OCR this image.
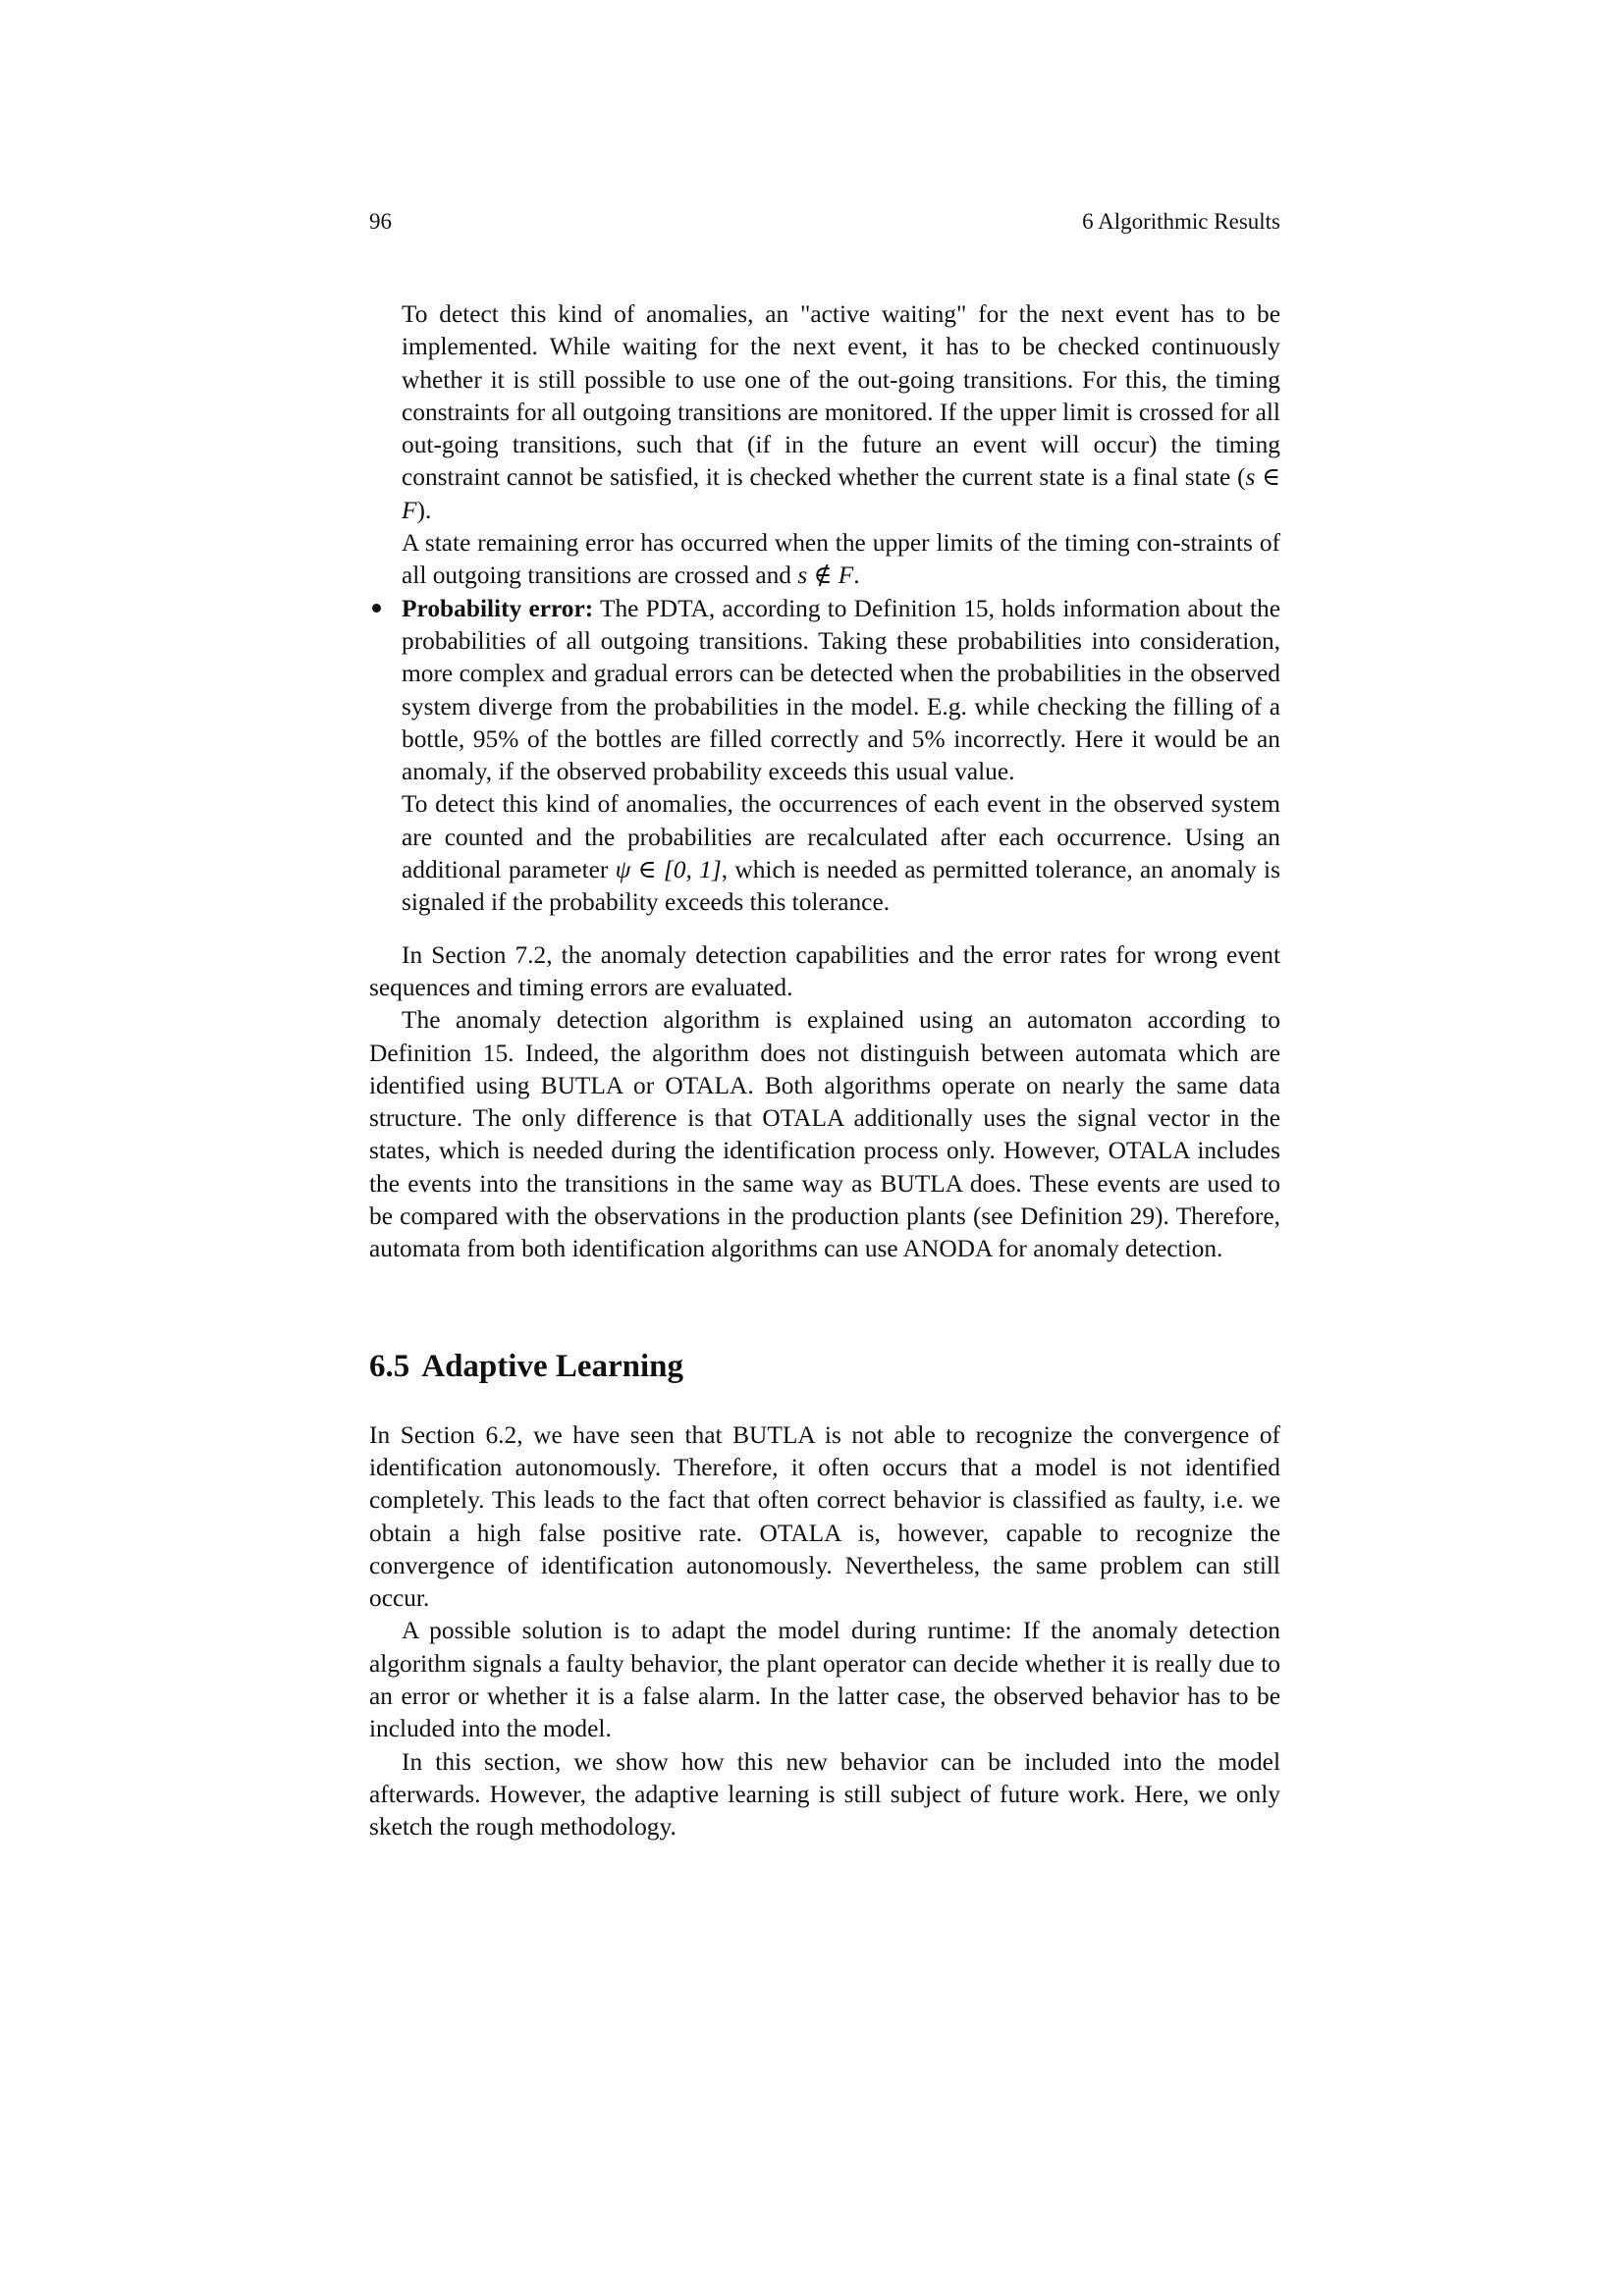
96	6 Algorithmic Results

To detect this kind of anomalies, an "active waiting" for the next event has to be implemented. While waiting for the next event, it has to be checked continuously whether it is still possible to use one of the out-going transitions. For this, the timing constraints for all outgoing transitions are monitored. If the upper limit is crossed for all out-going transitions, such that (if in the future an event will occur) the timing constraint cannot be satisfied, it is checked whether the current state is a final state (s ∈ F).

A state remaining error has occurred when the upper limits of the timing con-straints of all outgoing transitions are crossed and s ∉ F.

Probability error: The PDTA, according to Definition 15, holds information about the probabilities of all outgoing transitions. Taking these probabilities into consideration, more complex and gradual errors can be detected when the probabilities in the observed system diverge from the probabilities in the model. E.g. while checking the filling of a bottle, 95% of the bottles are filled correctly and 5% incorrectly. Here it would be an anomaly, if the observed probability exceeds this usual value.

To detect this kind of anomalies, the occurrences of each event in the observed system are counted and the probabilities are recalculated after each occurrence. Using an additional parameter ψ ∈ [0, 1], which is needed as permitted tolerance, an anomaly is signaled if the probability exceeds this tolerance.

In Section 7.2, the anomaly detection capabilities and the error rates for wrong event sequences and timing errors are evaluated.

The anomaly detection algorithm is explained using an automaton according to Definition 15. Indeed, the algorithm does not distinguish between automata which are identified using BUTLA or OTALA. Both algorithms operate on nearly the same data structure. The only difference is that OTALA additionally uses the signal vector in the states, which is needed during the identification process only. However, OTALA includes the events into the transitions in the same way as BUTLA does. These events are used to be compared with the observations in the production plants (see Definition 29). Therefore, automata from both identification algorithms can use ANODA for anomaly detection.

6.5 Adaptive Learning

In Section 6.2, we have seen that BUTLA is not able to recognize the convergence of identification autonomously. Therefore, it often occurs that a model is not identified completely. This leads to the fact that often correct behavior is classified as faulty, i.e. we obtain a high false positive rate. OTALA is, however, capable to recognize the convergence of identification autonomously. Nevertheless, the same problem can still occur.

A possible solution is to adapt the model during runtime: If the anomaly detection algorithm signals a faulty behavior, the plant operator can decide whether it is really due to an error or whether it is a false alarm. In the latter case, the observed behavior has to be included into the model.

In this section, we show how this new behavior can be included into the model afterwards. However, the adaptive learning is still subject of future work. Here, we only sketch the rough methodology.
